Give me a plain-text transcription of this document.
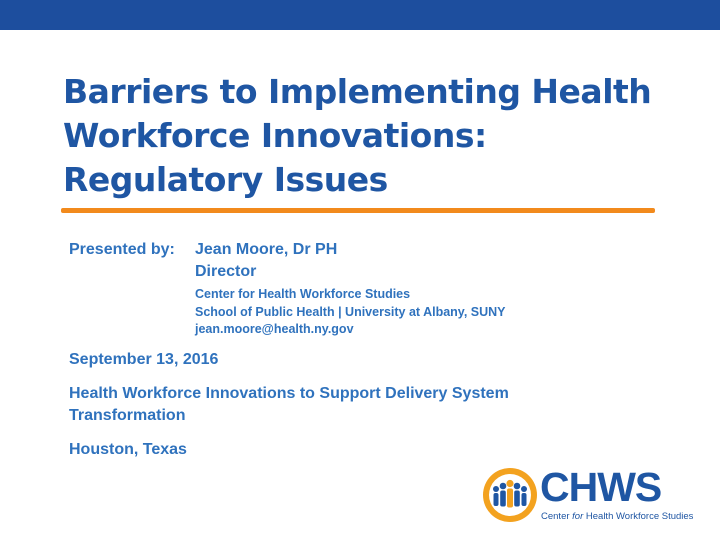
Barriers to Implementing Health
Workforce Innovations:
Regulatory Issues
Presented by: Jean Moore, Dr PH
Director
Center for Health Workforce Studies
School of Public Health | University at Albany, SUNY
jean.moore@health.ny.gov
September 13, 2016
Health Workforce Innovations to Support Delivery System
Transformation
Houston, Texas
CHWS
Center for Health Workforce Studies
